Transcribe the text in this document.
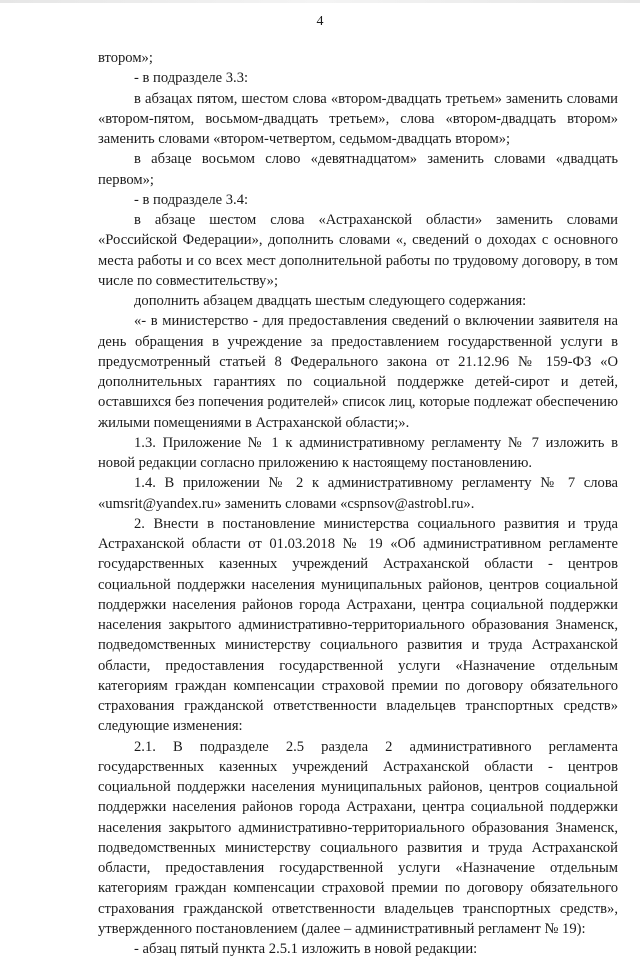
4

втором»;

- в подразделе 3.3:

в абзацах пятом, шестом слова «втором-двадцать третьем» заменить словами «втором-пятом, восьмом-двадцать третьем», слова «втором-двадцать втором» заменить словами «втором-четвертом, седьмом-двадцать втором»;

в абзаце восьмом слово «девятнадцатом» заменить словами «двадцать первом»;

- в подразделе 3.4:

в абзаце шестом слова «Астраханской области» заменить словами «Российской Федерации», дополнить словами «, сведений о доходах с основного места работы и со всех мест дополнительной работы по трудовому договору, в том числе по совместительству»;

дополнить абзацем двадцать шестым следующего содержания:

«- в министерство - для предоставления сведений о включении заявителя на день обращения в учреждение за предоставлением государственной услуги в предусмотренный статьей 8 Федерального закона от 21.12.96 № 159-ФЗ «О дополнительных гарантиях по социальной поддержке детей-сирот и детей, оставшихся без попечения родителей» список лиц, которые подлежат обеспечению жилыми помещениями в Астраханской области;».

1.3. Приложение № 1 к административному регламенту № 7 изложить в новой редакции согласно приложению к настоящему постановлению.

1.4. В приложении № 2 к административному регламенту № 7 слова «umsrit@yandex.ru» заменить словами «csрnsov@astrobl.ru».

2. Внести в постановление министерства социального развития и труда Астраханской области от 01.03.2018 № 19 «Об административном регламенте государственных казенных учреждений Астраханской области - центров социальной поддержки населения муниципальных районов, центров социальной поддержки населения районов города Астрахани, центра социальной поддержки населения закрытого административно-территориального образования Знаменск, подведомственных министерству социального развития и труда Астраханской области, предоставления государственной услуги «Назначение отдельным категориям граждан компенсации страховой премии по договору обязательного страхования гражданской ответственности владельцев транспортных средств» следующие изменения:

2.1. В подразделе 2.5 раздела 2 административного регламента государственных казенных учреждений Астраханской области - центров социальной поддержки населения муниципальных районов, центров социальной поддержки населения районов города Астрахани, центра социальной поддержки населения закрытого административно-территориального образования Знаменск, подведомственных министерству социального развития и труда Астраханской области, предоставления государственной услуги «Назначение отдельным категориям граждан компенсации страховой премии по договору обязательного страхования гражданской ответственности владельцев транспортных средств», утвержденного постановлением (далее – административный регламент № 19):

- абзац пятый пункта 2.5.1 изложить в новой редакции:
